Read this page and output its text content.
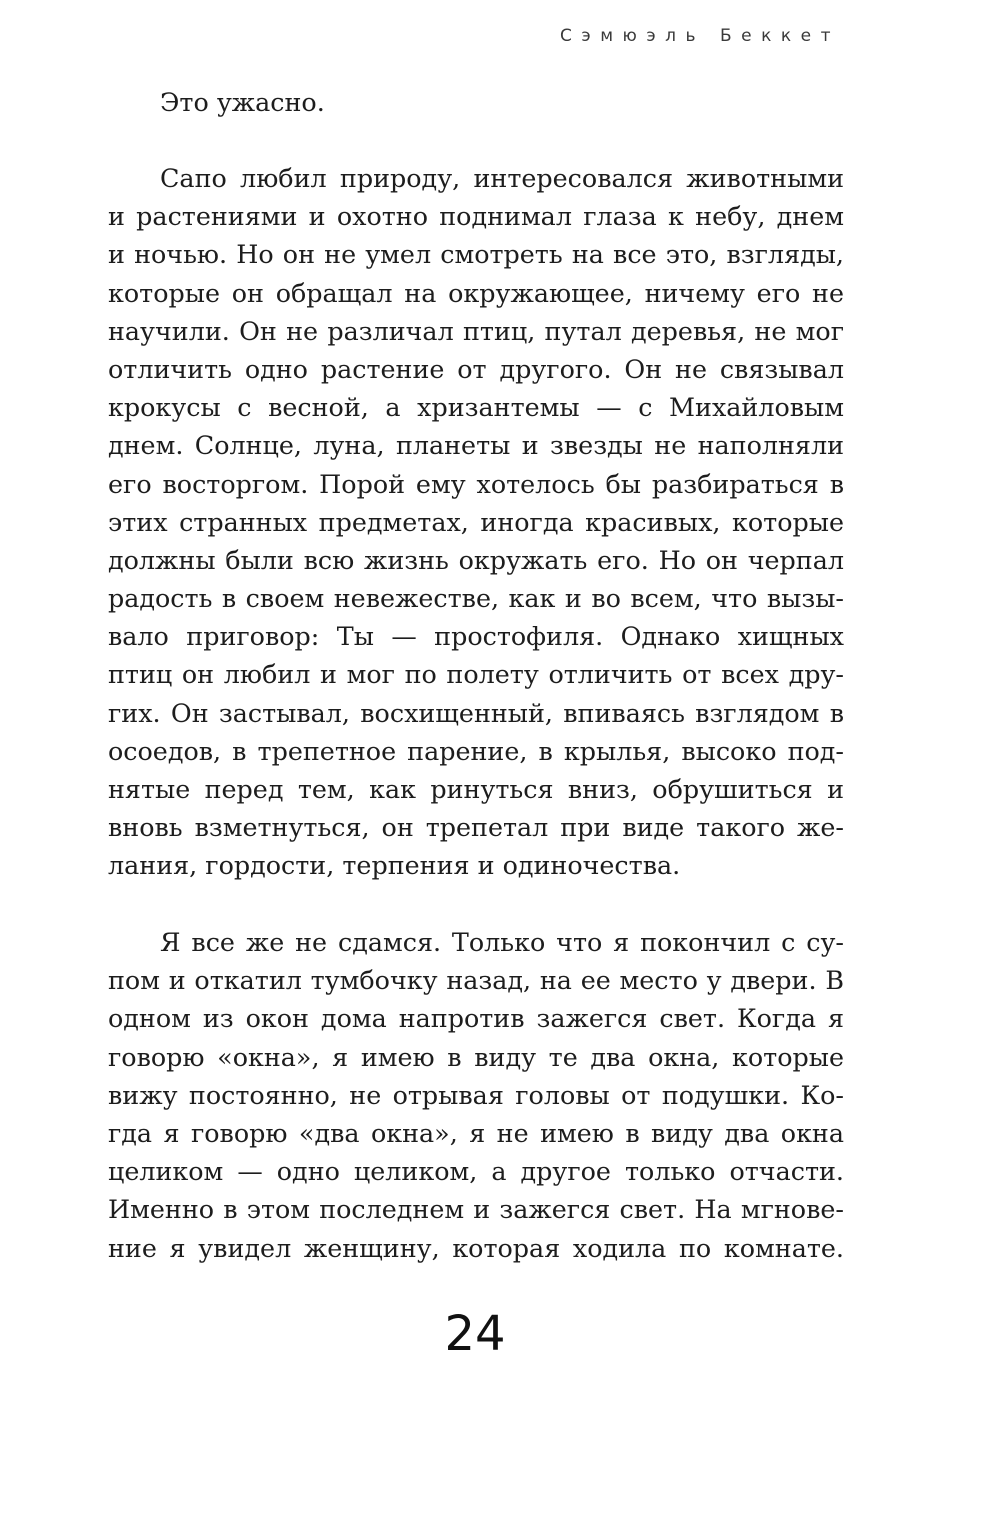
Сэмюэль Беккет
Это ужасно.
Сапо любил природу, интересовался животными
и растениями и охотно поднимал глаза к небу, днем
и ночью. Но он не умел смотреть на все это, взгляды,
которые он обращал на окружающее, ничему его не
научили. Он не различал птиц, путал деревья, не мог
отличить одно растение от другого. Он не связывал
крокусы с весной, а хризантемы — с Михайловым
днем. Солнце, луна, планеты и звезды не наполняли
его восторгом. Порой ему хотелось бы разбираться в
этих странных предметах, иногда красивых, которые
должны были всю жизнь окружать его. Но он черпал
радость в своем невежестве, как и во всем, что вызы-
вало приговор: Ты — простофиля. Однако хищных
птиц он любил и мог по полету отличить от всех дру-
гих. Он застывал, восхищенный, впиваясь взглядом в
осоедов, в трепетное парение, в крылья, высоко под-
нятые перед тем, как ринуться вниз, обрушиться и
вновь взметнуться, он трепетал при виде такого же-
лания, гордости, терпения и одиночества.
Я все же не сдамся. Только что я покончил с су-
пом и откатил тумбочку назад, на ее место у двери. В
одном из окон дома напротив зажегся свет. Когда я
говорю «окна», я имею в виду те два окна, которые
вижу постоянно, не отрывая головы от подушки. Ко-
гда я говорю «два окна», я не имею в виду два окна
целиком — одно целиком, а другое только отчасти.
Именно в этом последнем и зажегся свет. На мгнове-
ние я увидел женщину, которая ходила по комнате.
24
